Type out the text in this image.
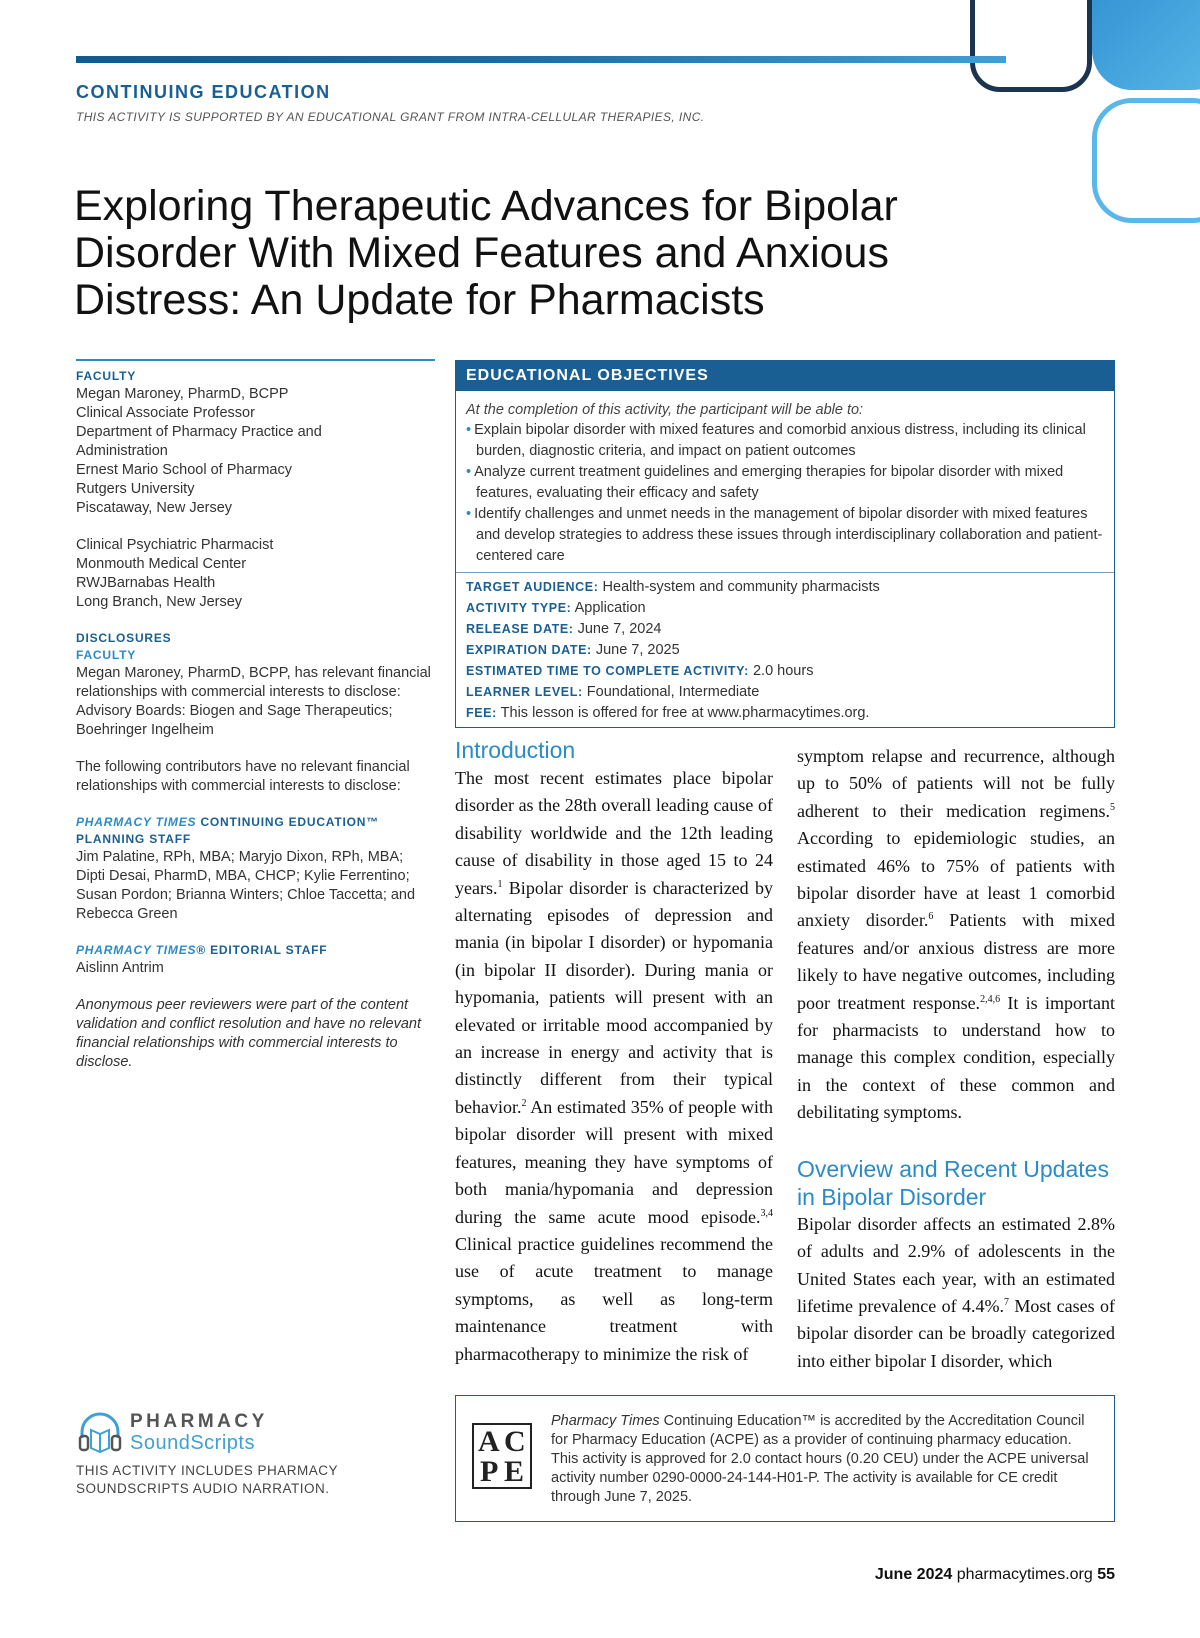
CONTINUING EDUCATION
THIS ACTIVITY IS SUPPORTED BY AN EDUCATIONAL GRANT FROM INTRA-CELLULAR THERAPIES, INC.
Exploring Therapeutic Advances for Bipolar Disorder With Mixed Features and Anxious Distress: An Update for Pharmacists
FACULTY
Megan Maroney, PharmD, BCPP
Clinical Associate Professor
Department of Pharmacy Practice and
Administration
Ernest Mario School of Pharmacy
Rutgers University
Piscataway, New Jersey
Clinical Psychiatric Pharmacist
Monmouth Medical Center
RWJBarnabas Health
Long Branch, New Jersey
DISCLOSURES
FACULTY
Megan Maroney, PharmD, BCPP, has relevant financial relationships with commercial interests to disclose:
Advisory Boards: Biogen and Sage Therapeutics; Boehringer Ingelheim
The following contributors have no relevant financial relationships with commercial interests to disclose:
PHARMACY TIMES CONTINUING EDUCATION™ PLANNING STAFF
Jim Palatine, RPh, MBA; Maryjo Dixon, RPh, MBA; Dipti Desai, PharmD, MBA, CHCP; Kylie Ferrentino; Susan Pordon; Brianna Winters; Chloe Taccetta; and Rebecca Green
PHARMACY TIMES® EDITORIAL STAFF
Aislinn Antrim
Anonymous peer reviewers were part of the content validation and conflict resolution and have no relevant financial relationships with commercial interests to disclose.
EDUCATIONAL OBJECTIVES
At the completion of this activity, the participant will be able to:
• Explain bipolar disorder with mixed features and comorbid anxious distress, including its clinical burden, diagnostic criteria, and impact on patient outcomes
• Analyze current treatment guidelines and emerging therapies for bipolar disorder with mixed features, evaluating their efficacy and safety
• Identify challenges and unmet needs in the management of bipolar disorder with mixed features and develop strategies to address these issues through interdisciplinary collaboration and patient-centered care
TARGET AUDIENCE: Health-system and community pharmacists
ACTIVITY TYPE: Application
RELEASE DATE: June 7, 2024
EXPIRATION DATE: June 7, 2025
ESTIMATED TIME TO COMPLETE ACTIVITY: 2.0 hours
LEARNER LEVEL: Foundational, Intermediate
FEE: This lesson is offered for free at www.pharmacytimes.org.
Introduction
The most recent estimates place bipolar disorder as the 28th overall leading cause of disability worldwide and the 12th leading cause of disability in those aged 15 to 24 years.$^1$ Bipolar disorder is characterized by alternating episodes of depression and mania (in bipolar I disorder) or hypomania (in bipolar II disorder). During mania or hypomania, patients will present with an elevated or irritable mood accompanied by an increase in energy and activity that is distinctly different from their typical behavior.$^2$ An estimated 35% of people with bipolar disorder will present with mixed features, meaning they have symptoms of both mania/hypomania and depression during the same acute mood episode.$^{3,4}$ Clinical practice guidelines recommend the use of acute treatment to manage symptoms, as well as long-term maintenance treatment with pharmacotherapy to minimize the risk of
symptom relapse and recurrence, although up to 50% of patients will not be fully adherent to their medication regimens.$^5$ According to epidemiologic studies, an estimated 46% to 75% of patients with bipolar disorder have at least 1 comorbid anxiety disorder.$^6$ Patients with mixed features and/or anxious distress are more likely to have negative outcomes, including poor treatment response.$^{2,4,6}$ It is important for pharmacists to understand how to manage this complex condition, especially in the context of these common and debilitating symptoms.
Overview and Recent Updates in Bipolar Disorder
Bipolar disorder affects an estimated 2.8% of adults and 2.9% of adolescents in the United States each year, with an estimated lifetime prevalence of 4.4%.$^7$ Most cases of bipolar disorder can be broadly categorized into either bipolar I disorder, which
PHARMACY
SoundScripts
THIS ACTIVITY INCLUDES PHARMACY
SOUNDSCRIPTS AUDIO NARRATION.
A C
P E
Pharmacy Times Continuing Education™ is accredited by the Accreditation Council for Pharmacy Education (ACPE) as a provider of continuing pharmacy education. This activity is approved for 2.0 contact hours (0.20 CEU) under the ACPE universal activity number 0290-0000-24-144-H01-P. The activity is available for CE credit through June 7, 2025.
June 2024 pharmacytimes.org 55
